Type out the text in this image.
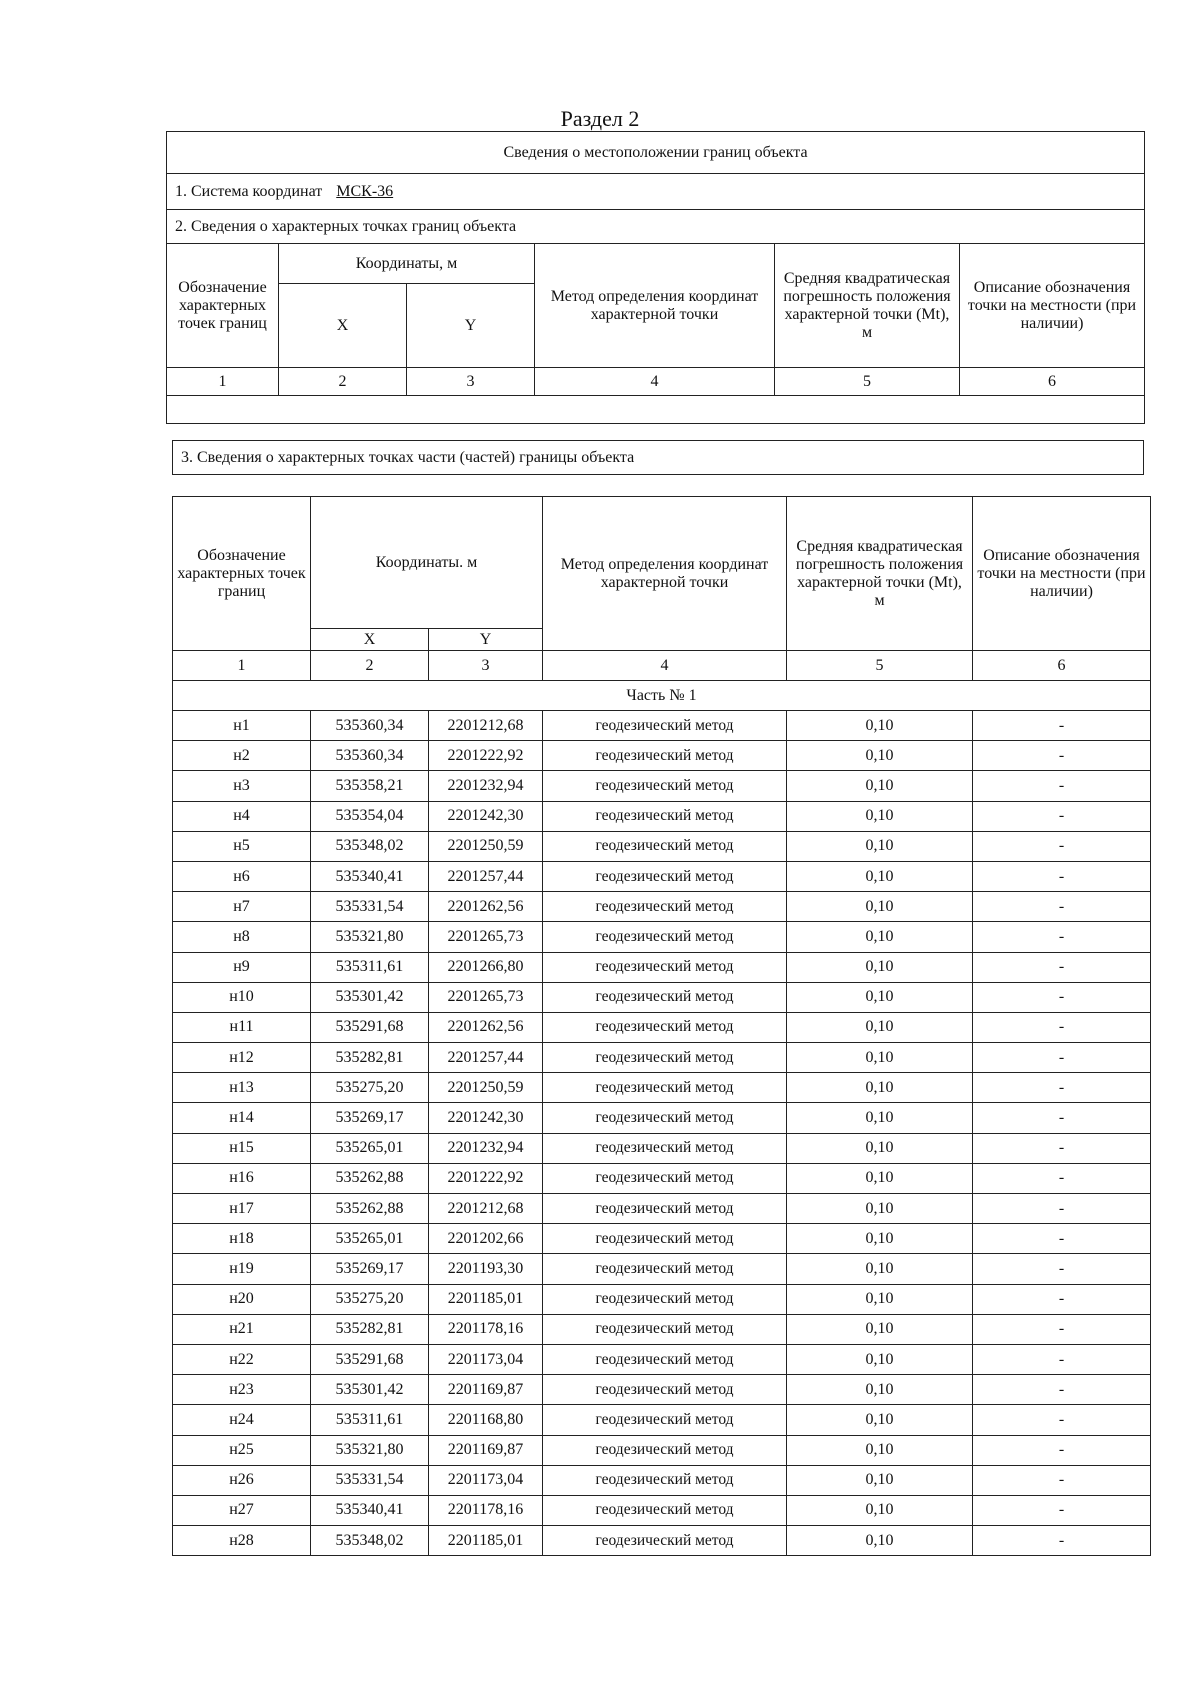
Раздел 2
Сведения о местоположении границ объекта					
1. Система координат МСК-36					
2. Сведения о характерных точках границ объекта					
Обозначение характерных точек границ	Координаты, м		Метод определения координат характерной точки	Средняя квадратическая погрешность положения характерной точки (Mt), м	Описание обозначения точки на местности (при наличии)
	X	Y			
1	2	3	4	5	6

3. Сведения о характерных точках части (частей) границы объекта
Обозначение характерных точек границ	Координаты. м		Метод определения координат характерной точки	Средняя квадратическая погрешность положения характерной точки (Mt), м	Описание обозначения точки на местности (при наличии)
	X	Y			
1	2	3	4	5	6
Часть № 1					
н1	535360,34	2201212,68	геодезический метод	0,10	-
н2	535360,34	2201222,92	геодезический метод	0,10	-
н3	535358,21	2201232,94	геодезический метод	0,10	-
н4	535354,04	2201242,30	геодезический метод	0,10	-
н5	535348,02	2201250,59	геодезический метод	0,10	-
н6	535340,41	2201257,44	геодезический метод	0,10	-
н7	535331,54	2201262,56	геодезический метод	0,10	-
н8	535321,80	2201265,73	геодезический метод	0,10	-
н9	535311,61	2201266,80	геодезический метод	0,10	-
н10	535301,42	2201265,73	геодезический метод	0,10	-
н11	535291,68	2201262,56	геодезический метод	0,10	-
н12	535282,81	2201257,44	геодезический метод	0,10	-
н13	535275,20	2201250,59	геодезический метод	0,10	-
н14	535269,17	2201242,30	геодезический метод	0,10	-
н15	535265,01	2201232,94	геодезический метод	0,10	-
н16	535262,88	2201222,92	геодезический метод	0,10	-
н17	535262,88	2201212,68	геодезический метод	0,10	-
н18	535265,01	2201202,66	геодезический метод	0,10	-
н19	535269,17	2201193,30	геодезический метод	0,10	-
н20	535275,20	2201185,01	геодезический метод	0,10	-
н21	535282,81	2201178,16	геодезический метод	0,10	-
н22	535291,68	2201173,04	геодезический метод	0,10	-
н23	535301,42	2201169,87	геодезический метод	0,10	-
н24	535311,61	2201168,80	геодезический метод	0,10	-
н25	535321,80	2201169,87	геодезический метод	0,10	-
н26	535331,54	2201173,04	геодезический метод	0,10	-
н27	535340,41	2201178,16	геодезический метод	0,10	-
н28	535348,02	2201185,01	геодезический метод	0,10	-
